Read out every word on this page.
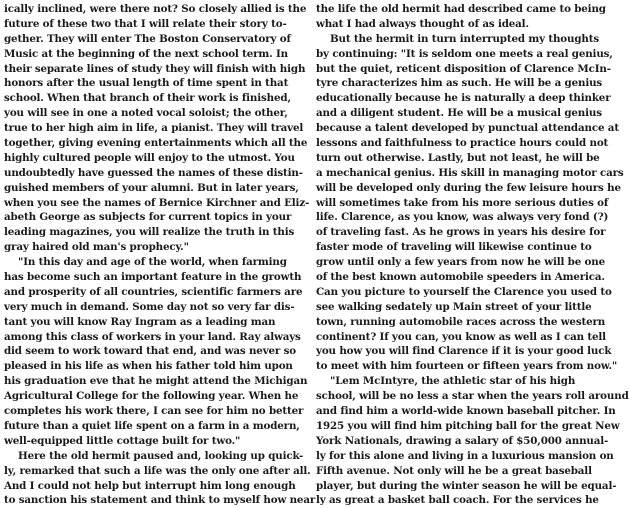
ically inclined, were there not? So closely allied is the
future of these two that I will relate their story to-
gether. They will enter The Boston Conservatory of
Music at the beginning of the next school term. In
their separate lines of study they will finish with high
honors after the usual length of time spent in that
school. When that branch of their work is finished,
you will see in one a noted vocal soloist; the other,
true to her high aim in life, a pianist. They will travel
together, giving evening entertainments which all the
highly cultured people will enjoy to the utmost. You
undoubtedly have guessed the names of these distin-
guished members of your alumni. But in later years,
when you see the names of Bernice Kirchner and Eliz-
abeth George as subjects for current topics in your
leading magazines, you will realize the truth in this
gray haired old man's prophecy."
"In this day and age of the world, when farming
has become such an important feature in the growth
and prosperity of all countries, scientific farmers are
very much in demand. Some day not so very far dis-
tant you will know Ray Ingram as a leading man
among this class of workers in your land. Ray always
did seem to work toward that end, and was never so
pleased in his life as when his father told him upon
his graduation eve that he might attend the Michigan
Agricultural College for the following year. When he
completes his work there, I can see for him no better
future than a quiet life spent on a farm in a modern,
well-equipped little cottage built for two."
Here the old hermit paused and, looking up quick-
ly, remarked that such a life was the only one after all.
And I could not help but interrupt him long enough
to sanction his statement and think to myself how near
the life the old hermit had described came to being
what I had always thought of as ideal.
But the hermit in turn interrupted my thoughts
by continuing: "It is seldom one meets a real genius,
but the quiet, reticent disposition of Clarence McIn-
tyre characterizes him as such. He will be a genius
educationally because he is naturally a deep thinker
and a diligent student. He will be a musical genius
because a talent developed by punctual attendance at
lessons and faithfulness to practice hours could not
turn out otherwise. Lastly, but not least, he will be
a mechanical genius. His skill in managing motor cars
will be developed only during the few leisure hours he
will sometimes take from his more serious duties of
life. Clarence, as you know, was always very fond (?)
of traveling fast. As he grows in years his desire for
faster mode of traveling will likewise continue to
grow until only a few years from now he will be one
of the best known automobile speeders in America.
Can you picture to yourself the Clarence you used to
see walking sedately up Main street of your little
town, running automobile races across the western
continent? If you can, you know as well as I can tell
you how you will find Clarence if it is your good luck
to meet with him fourteen or fifteen years from now."
"Lem McIntyre, the athletic star of his high
school, will be no less a star when the years roll around
and find him a world-wide known baseball pitcher. In
1925 you will find him pitching ball for the great New
York Nationals, drawing a salary of $50,000 annual-
ly for this alone and living in a luxurious mansion on
Fifth avenue. Not only will he be a great baseball
player, but during the winter season he will be equal-
ly as great a basket ball coach. For the services he
